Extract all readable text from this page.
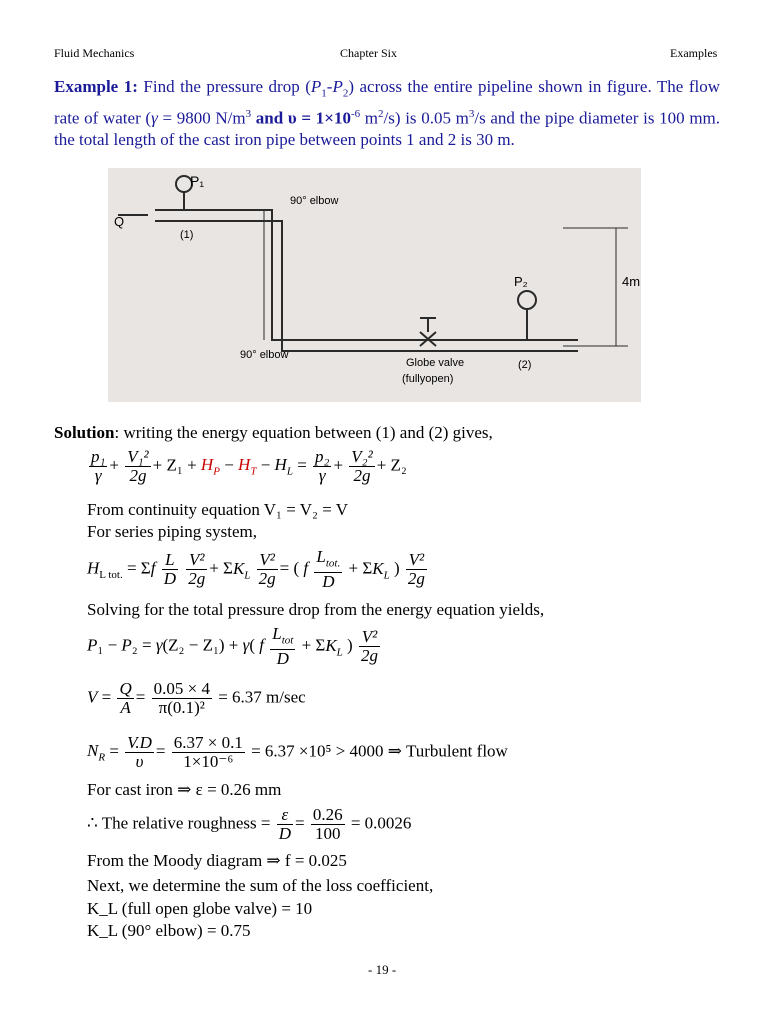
Fluid Mechanics	Chapter Six	Examples
Example 1: Find the pressure drop $(P_1-P_2)$ across the entire pipeline shown in figure. The flow rate of water (γ = 9800 $N/m^3$ and $\upsilon = 1\times 10^{-6}$ $m^2/s$) is 0.05 $m^3/s$ and the pipe diameter is 100 mm. the total length of the cast iron pipe between points 1 and 2 is 30 m.
P₁
Q
(1)
90° elbow
90° elbow
Globe valve
(fullyopen)
P₂
(2)
4m
Solution: writing the energy equation between (1) and (2) gives,
$\frac{\text{p₁}}{\gamma} + \frac{\text{V₁²}}{2g} + Z_1 + H_P - H_T - H_L = \frac{\text{p₂}}{\gamma} + \frac{\text{V₂²}}{2g} + Z_2$
From continuity equation V₁ = V₂ = V
For series piping system,
$H_{L tot.} = \Sigma f \frac{L}{D}$
$\frac{\text{V²}}{2g} + \Sigma K_L \frac{\text{V²}}{2g}$ = ( f $\frac{L_{tot.}}{D} + \Sigma K_L$ ) $\frac{\text{V²}}{2g}$
Solving for the total pressure drop from the energy equation yields,
P₁ − P₂ = γ(Z₂ − Z₁) + γ( f $\frac{L_{tot}}{D} + \Sigma K_L$ ) $\frac{\text{V²}}{2g}$
$V = \frac{Q}{A} = \frac{0.05 \times 4}{\text{π(0.1)²}} = 6.37$ m/sec
$N_R = \frac{V.D}{\upsilon} = \frac{6.37 \times 0.1}{\text{1×10⁻⁶}} = 6.37 \times 10^5 > 4000$ ⇒ Turbulent flow
For cast iron ⇒ ε = 0.26 mm
∴ The relative roughness = $\frac{\varepsilon}{D} = \frac{0.26}{100} = 0.0026$
From the Moody diagram ⇒ f = 0.025
Next, we determine the sum of the loss coefficient,
K_L (full open globe valve) = 10
K_L (90° elbow) = 0.75
- 19 -
